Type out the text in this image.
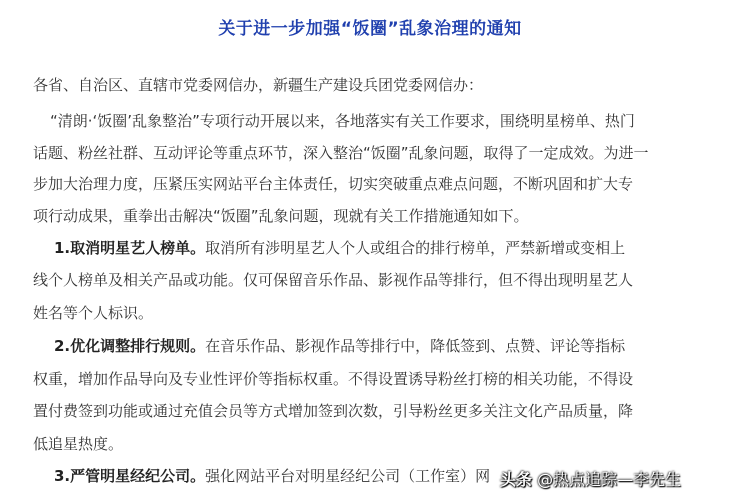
关于进一步加强“饭圈”乱象治理的通知
各省、自治区、直辖市党委网信办，新疆生产建设兵团党委网信办：
“清朗·‘饭圈’乱象整治”专项行动开展以来，各地落实有关工作要求，围绕明星榜单、热门
话题、粉丝社群、互动评论等重点环节，深入整治“饭圈”乱象问题，取得了一定成效。为进一
步加大治理力度，压紧压实网站平台主体责任，切实突破重点难点问题，不断巩固和扩大专
项行动成果，重拳出击解决“饭圈”乱象问题，现就有关工作措施通知如下。
1.取消明星艺人榜单。取消所有涉明星艺人个人或组合的排行榜单，严禁新增或变相上
线个人榜单及相关产品或功能。仅可保留音乐作品、影视作品等排行，但不得出现明星艺人
姓名等个人标识。
2.优化调整排行规则。在音乐作品、影视作品等排行中，降低签到、点赞、评论等指标
权重，增加作品导向及专业性评价等指标权重。不得设置诱导粉丝打榜的相关功能，不得设
置付费签到功能或通过充值会员等方式增加签到次数，引导粉丝更多关注文化产品质量，降
低追星热度。
3.严管明星经纪公司。强化网站平台对明星经纪公司（工作室）网 头条 @热点追踪—李先生
